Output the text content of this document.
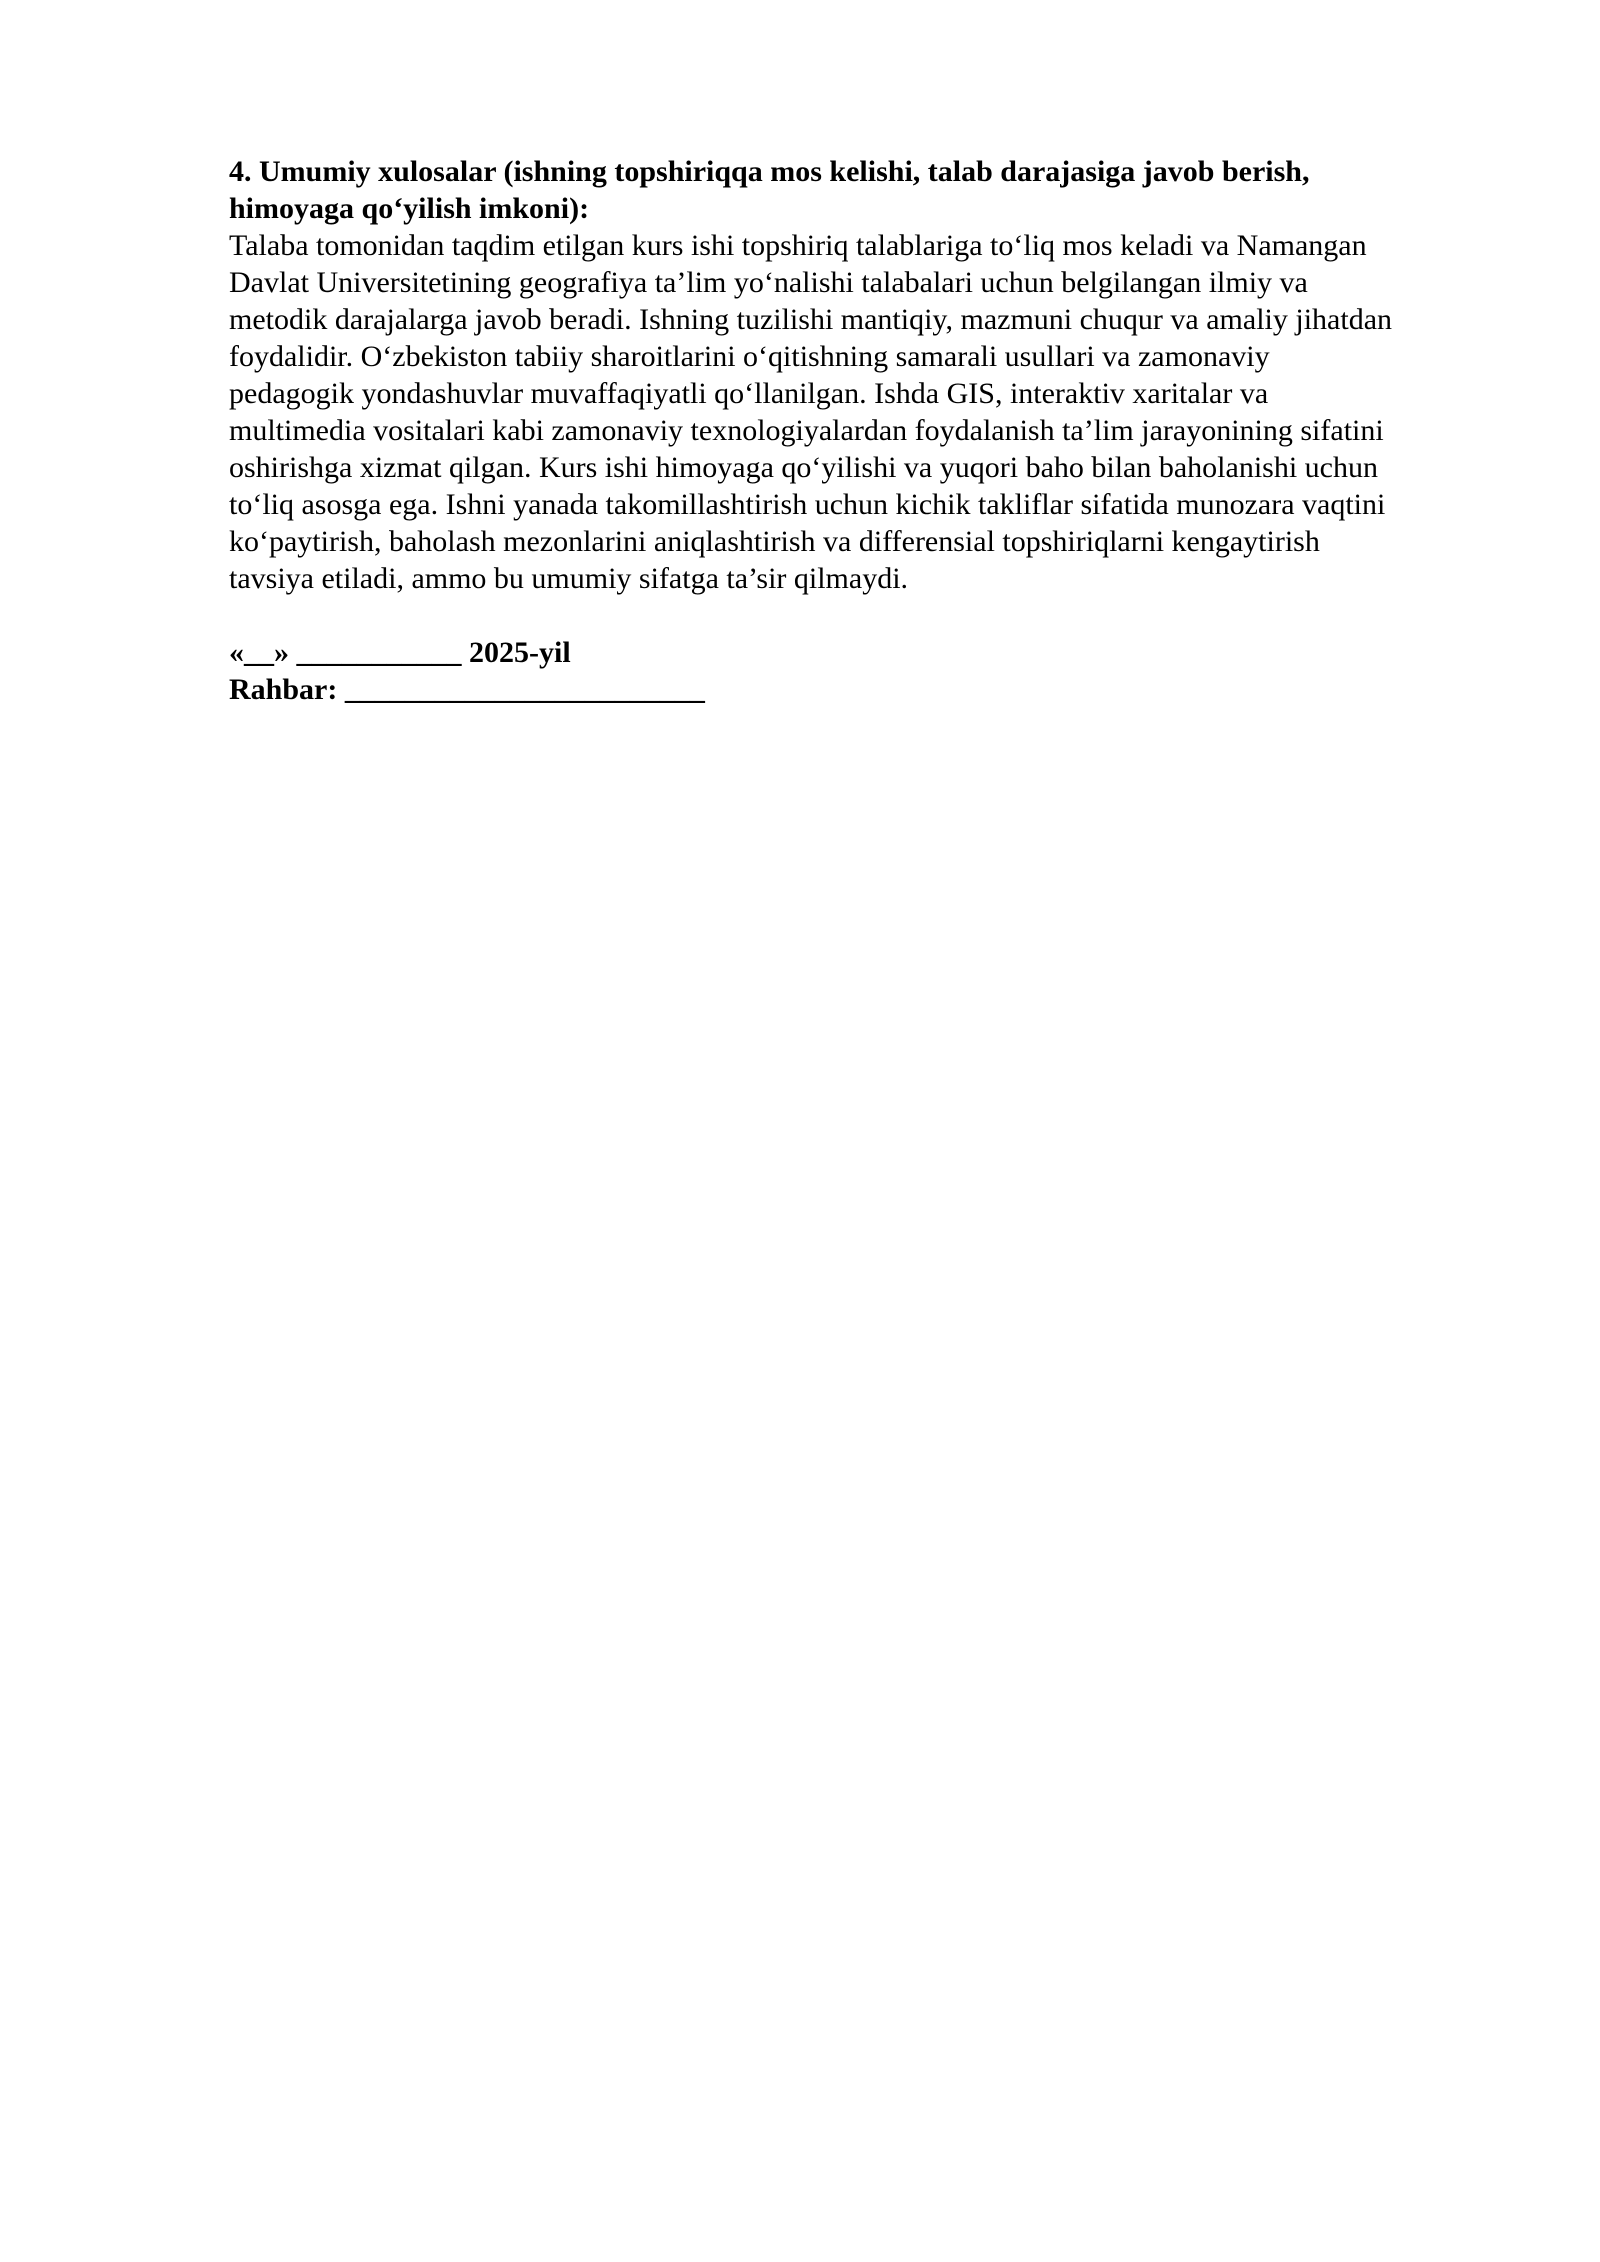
4. Umumiy xulosalar (ishning topshiriqqa mos kelishi, talab darajasiga javob berish,
himoyaga qo‘yilish imkoni):

Talaba tomonidan taqdim etilgan kurs ishi topshiriq talablariga to‘liq mos keladi va Namangan
Davlat Universitetining geografiya ta’lim yo‘nalishi talabalari uchun belgilangan ilmiy va
metodik darajalarga javob beradi. Ishning tuzilishi mantiqiy, mazmuni chuqur va amaliy jihatdan
foydalidir. O‘zbekiston tabiiy sharoitlarini o‘qitishning samarali usullari va zamonaviy
pedagogik yondashuvlar muvaffaqiyatli qo‘llanilgan. Ishda GIS, interaktiv xaritalar va
multimedia vositalari kabi zamonaviy texnologiyalardan foydalanish ta’lim jarayonining sifatini
oshirishga xizmat qilgan. Kurs ishi himoyaga qo‘yilishi va yuqori baho bilan baholanishi uchun
to‘liq asosga ega. Ishni yanada takomillashtirish uchun kichik takliflar sifatida munozara vaqtini
ko‘paytirish, baholash mezonlarini aniqlashtirish va differensial topshiriqlarni kengaytirish
tavsiya etiladi, ammo bu umumiy sifatga ta’sir qilmaydi.

«__» ___________ 2025-yil
Rahbar: ________________________
